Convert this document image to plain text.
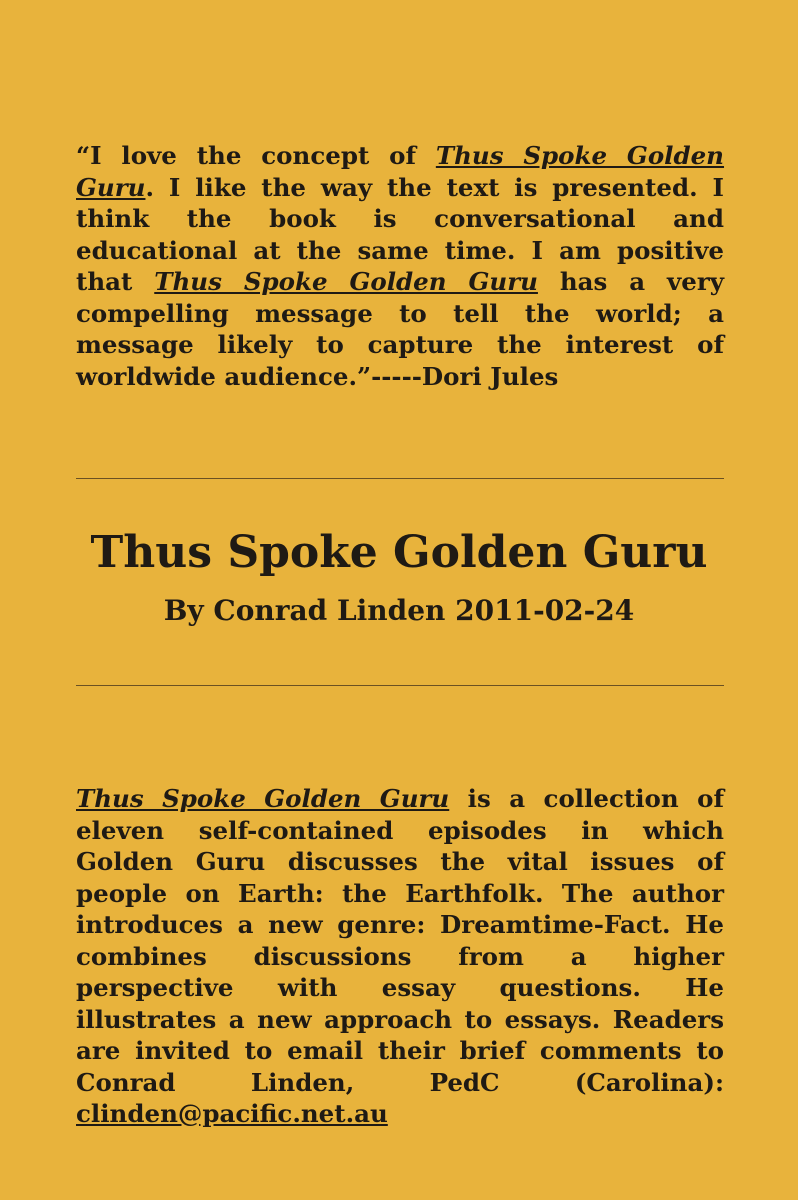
“I love the concept of Thus Spoke Golden Guru. I like the way the text is presented. I think the book is conversational and educational at the same time. I am positive that Thus Spoke Golden Guru has a very compelling message to tell the world; a message likely to capture the interest of worldwide audience.”-----Dori Jules

Thus Spoke Golden Guru
By Conrad Linden 2011-02-24

Thus Spoke Golden Guru is a collection of eleven self-contained episodes in which Golden Guru discusses the vital issues of people on Earth: the Earthfolk. The author introduces a new genre: Dreamtime-Fact. He combines discussions from a higher perspective with essay questions. He illustrates a new approach to essays. Readers are invited to email their brief comments to Conrad Linden, PedC (Carolina): clinden@pacific.net.au
